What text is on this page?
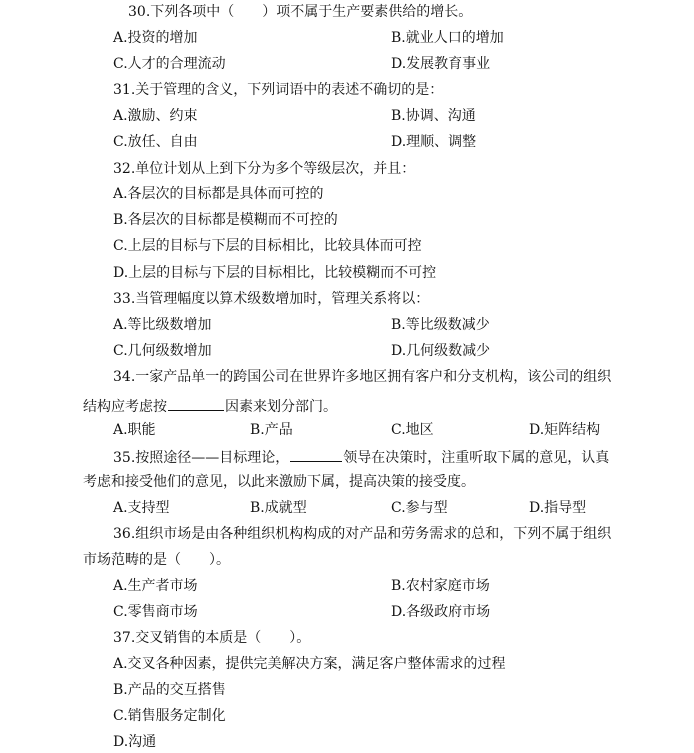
30.下列各项中（　　）项不属于生产要素供给的增长。
A.投资的增加	B.就业人口的增加
C.人才的合理流动	D.发展教育事业
31.关于管理的含义，下列词语中的表述不确切的是：
A.激励、约束	B.协调、沟通
C.放任、自由	D.理顺、调整
32.单位计划从上到下分为多个等级层次，并且：
A.各层次的目标都是具体而可控的
B.各层次的目标都是模糊而不可控的
C.上层的目标与下层的目标相比，比较具体而可控
D.上层的目标与下层的目标相比，比较模糊而不可控
33.当管理幅度以算术级数增加时，管理关系将以：
A.等比级数增加	B.等比级数减少
C.几何级数增加	D.几何级数减少
34.一家产品单一的跨国公司在世界许多地区拥有客户和分支机构，该公司的组织
结构应考虑按	因素来划分部门。
A.职能	B.产品	C.地区	D.矩阵结构
35.按照途径——目标理论，	领导在决策时，注重听取下属的意见，认真
考虑和接受他们的意见，以此来激励下属，提高决策的接受度。
A.支持型	B.成就型	C.参与型	D.指导型
36.组织市场是由各种组织机构构成的对产品和劳务需求的总和，下列不属于组织
市场范畴的是（　　）。
A.生产者市场	B.农村家庭市场
C.零售商市场	D.各级政府市场
37.交叉销售的本质是（　　）。
A.交叉各种因素，提供完美解决方案，满足客户整体需求的过程
B.产品的交互搭售
C.销售服务定制化
D.沟通
